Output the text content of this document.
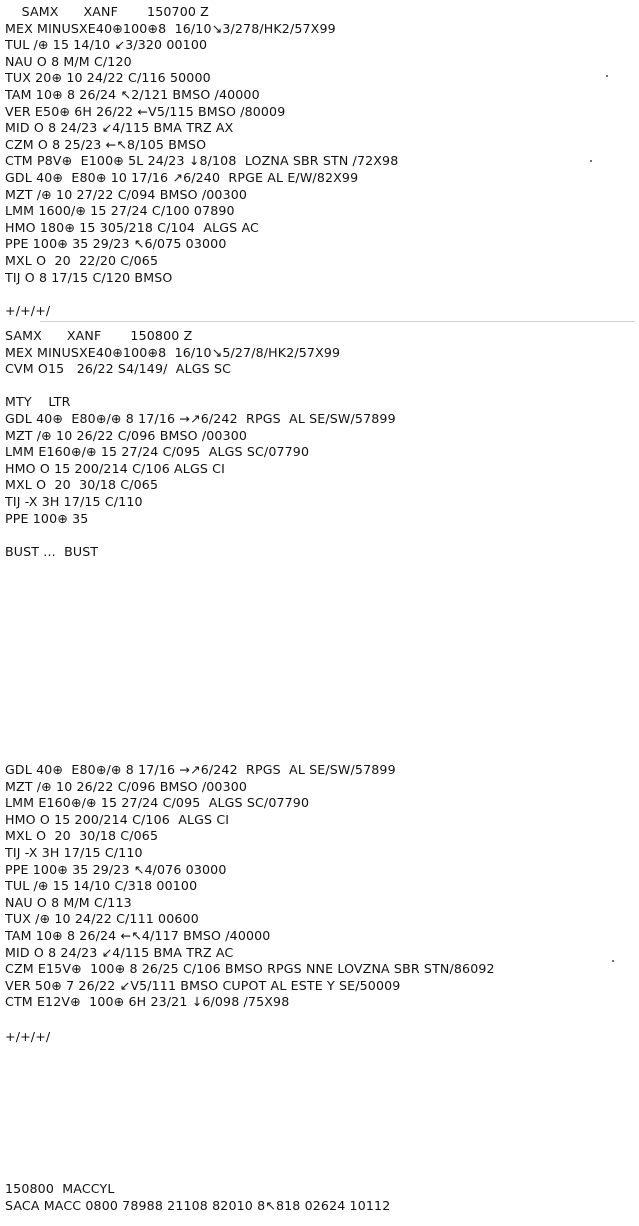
SAMX      XANF       150700 Z
MEX MINUSXE40⊕100⊕8  16/10↘3/278/HK2/57X99
TUL /⊕ 15 14/10 ↙3/320 00100
NAU O 8 M/M C/120
TUX 20⊕ 10 24/22 C/116 50000
TAM 10⊕ 8 26/24 ↖2/121 BMSO /40000
VER E50⊕ 6H 26/22 ←V5/115 BMSO /80009
MID O 8 24/23 ↙4/115 BMA TRZ AX
CZM O 8 25/23 ←↖8/105 BMSO
CTM P8V⊕  E100⊕ 5L 24/23 ↓8/108  LOZNA SBR STN /72X98
GDL 40⊕  E80⊕ 10 17/16 ↗6/240  RPGE AL E/W/82X99
MZT /⊕ 10 27/22 C/094 BMSO /00300
LMM 1600/⊕ 15 27/24 C/100 07890
HMO 180⊕ 15 305/218 C/104  ALGS AC
PPE 100⊕ 35 29/23 ↖6/075 03000
MXL O  20  22/20 C/065
TIJ O 8 17/15 C/120 BMSO
+/+/+/
SAMX      XANF       150800 Z
MEX MINUSXE40⊕100⊕8  16/10↘5/27/8/HK2/57X99
CVM O15   26/22 S4/149/  ALGS SC
MTY    LTR
GDL 40⊕  E80⊕/⊕ 8 17/16 →↗6/242  RPGS  AL SE/SW/57899
MZT /⊕ 10 26/22 C/096 BMSO /00300
LMM E160⊕/⊕ 15 27/24 C/095  ALGS SC/07790
HMO O 15 200/214 C/106 ALGS CI
MXL O  20  30/18 C/065
TIJ -X 3H 17/15 C/110
PPE 100⊕ 35
BUST ...  BUST
GDL 40⊕  E80⊕/⊕ 8 17/16 →↗6/242  RPGS  AL SE/SW/57899
MZT /⊕ 10 26/22 C/096 BMSO /00300
LMM E160⊕/⊕ 15 27/24 C/095  ALGS SC/07790
HMO O 15 200/214 C/106  ALGS CI
MXL O  20  30/18 C/065
TIJ -X 3H 17/15 C/110
PPE 100⊕ 35 29/23 ↖4/076 03000
TUL /⊕ 15 14/10 C/318 00100
NAU O 8 M/M C/113
TUX /⊕ 10 24/22 C/111 00600
TAM 10⊕ 8 26/24 ←↖4/117 BMSO /40000
MID O 8 24/23 ↙4/115 BMA TRZ AC
CZM E15V⊕  100⊕ 8 26/25 C/106 BMSO RPGS NNE LOVZNA SBR STN/86092
VER 50⊕ 7 26/22 ↙V5/111 BMSO CUPOT AL ESTE Y SE/50009
CTM E12V⊕  100⊕ 6H 23/21 ↓6/098 /75X98
+/+/+/
150800  MACCYL
SACA MACC 0800 78988 21108 82010 8↖818 02624 10112
